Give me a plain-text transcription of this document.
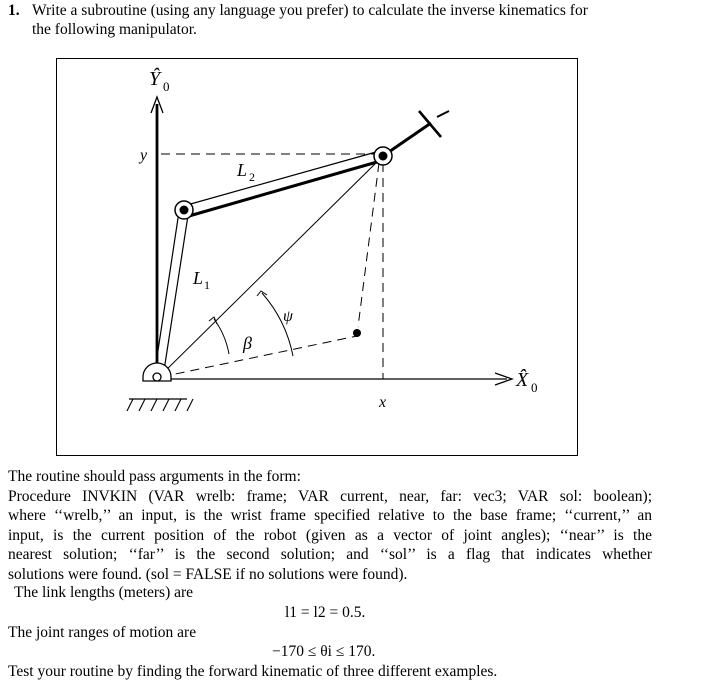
1. Write a subroutine (using any language you prefer) to calculate the inverse kinematics for
the following manipulator.
Ŷ 0
X̂ 0
y
x
L 2
L 1
β
ψ
The routine should pass arguments in the form:
Procedure INVKIN (VAR wrelb: frame; VAR current, near, far: vec3; VAR sol: boolean);
where ‘‘wrelb,’’ an input, is the wrist frame specified relative to the base frame; ‘‘current,’’ an
input, is the current position of the robot (given as a vector of joint angles); ‘‘near’’ is the
nearest solution; ‘‘far’’ is the second solution; and ‘‘sol’’ is a flag that indicates whether
solutions were found. (sol = FALSE if no solutions were found).
The link lengths (meters) are
l1 = l2 = 0.5.
The joint ranges of motion are
−170 ≤ θi ≤ 170.
Test your routine by finding the forward kinematic of three different examples.
